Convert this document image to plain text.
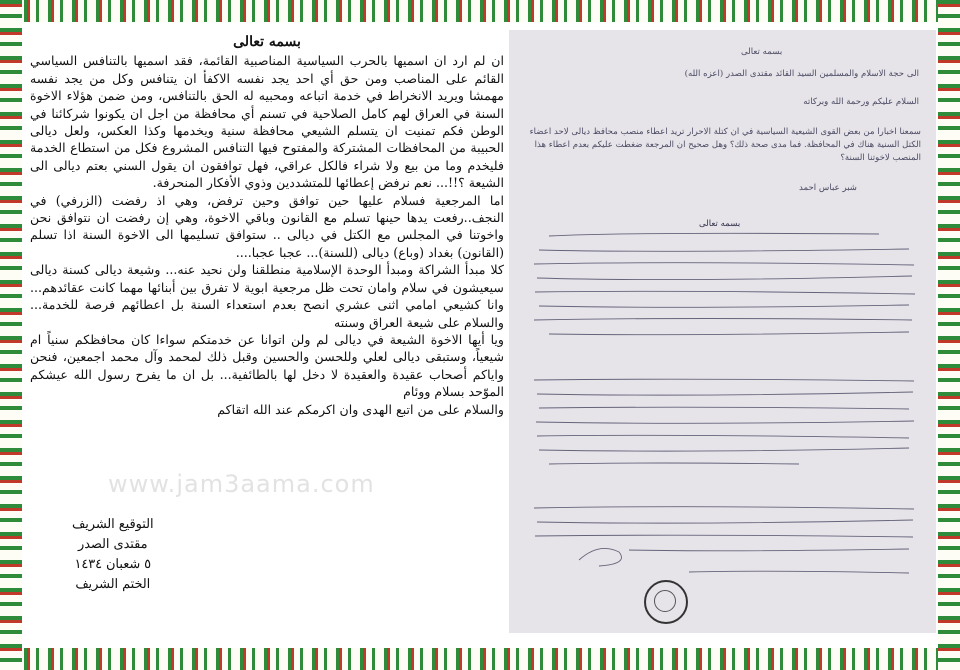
بسمه تعالى

ان لم ارد ان اسميها بالحرب السياسية المناصبية القائمة، فقد اسميها بالتنافس السياسي القائم على المناصب ومن حق أي احد يجد نفسه الاكفأ ان يتنافس وكل من يجد نفسه مهمشا ويريد الانخراط في خدمة اتباعه ومحبيه له الحق بالتنافس، ومن ضمن هؤلاء الاخوة السنة في العراق لهم كامل الصلاحية في تسنم أي محافظة من اجل ان يكونوا شركائنا في الوطن فكم تمنيت ان يتسلم الشيعي محافظة سنية ويخدمها وكذا العكس، ولعل ديالى الحبيبة من المحافظات المشتركة والمفتوح فيها التنافس المشروع فكل من استطاع الخدمة فليخدم وما من بيع ولا شراء فالكل عراقي، فهل توافقون ان يقول السني بعتم ديالى الى الشيعة ؟!!... نعم نرفض إعطائها للمتشددين وذوي الأفكار المنحرفة.

اما المرجعية فسلام عليها حين توافق وحين ترفض، وهي اذ رفضت (الزرفي) في النجف..رفعت يدها حينها تسلم مع القانون وباقي الاخوة، وهي إن رفضت ان نتوافق نحن واخوتنا في المجلس مع الكتل في ديالى .. ستوافق تسليمها الى الاخوة السنة اذا تسلم (القانون) بغداد (وباع) ديالى (للسنة)... عجبا عجبا....

كلا مبدأ الشراكة ومبدأ الوحدة الإسلامية منطلقنا ولن نحيد عنه... وشيعة ديالى كسنة ديالى سيعيشون في سلام وامان تحت ظل مرجعية ابوية لا تفرق بين أبنائها مهما كانت عقائدهم... وانا كشيعي امامي اثنى عشري انصح بعدم استعداء السنة بل اعطائهم فرصة للخدمة... والسلام على شيعة العراق وسنته

ويا أيها الاخوة الشيعة في ديالى لم ولن اتوانا عن خدمتكم سواءا كان محافظكم سنياً ام شيعياً، وستبقى ديالى لعلي وللحسن والحسين وقبل ذلك لمحمد وآل محمد اجمعين، فنحن واياكم أصحاب عقيدة والعقيدة لا دخل لها بالطائفية... بل ان ما يفرح رسول الله عيشكم الموّحد بسلام ووئام

والسلام على من اتبع الهدى وان اكرمكم عند الله اتقاكم

www.jam3aama.com
التوقيع الشريف
مقتدى الصدر
٥ شعبان ١٤٣٤
الختم الشريف
بسمه تعالى
الى حجة الاسلام والمسلمين السيد القائد مقتدى الصدر (اعزه الله)
السلام عليكم ورحمة الله وبركاته
سمعنا اخبارا من بعض القوى الشيعية السياسية في ان كتلة الاحرار تريد اعطاء منصب محافظ ديالى لاحد اعضاء الكتل السنية هناك في المحافظة. فما مدى صحة ذلك؟ وهل صحيح ان المرجعة ضغطت عليكم بعدم اعطاء هذا المنصب لاخوتنا السنة؟
شبر عباس احمد
بسمه تعالى
